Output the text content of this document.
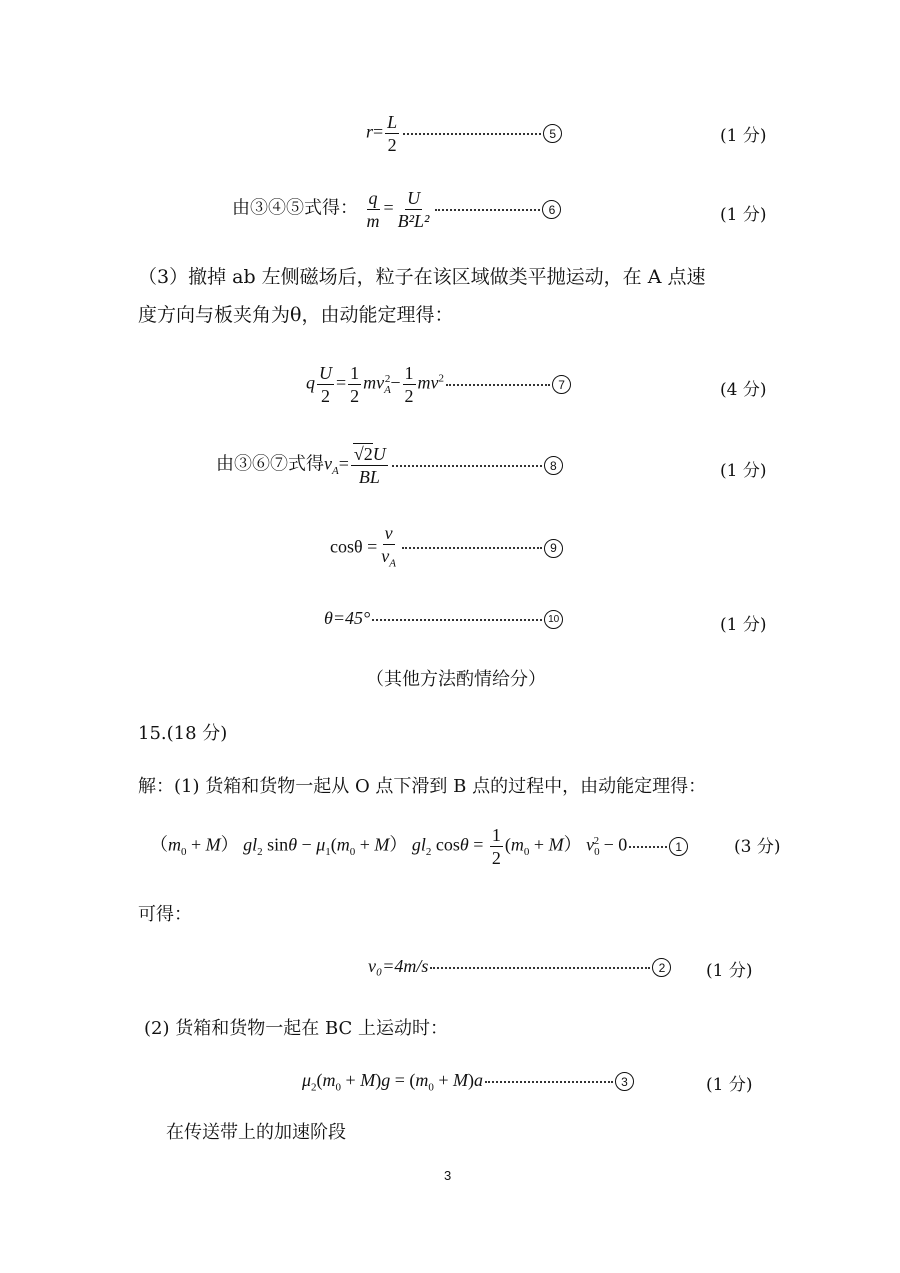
$r= \frac{L}{2}$	5	(1 分)
由③④⑤式得： $\frac{q}{m} = \frac{U}{\text{B²L²}}$	6	(1 分)
（3）撤掉 ab 左侧磁场后，粒子在该区域做类平抛运动，在 A 点速
度方向与板夹角为θ，由动能定理得：
q $\frac{U}{2} = \frac{1}{2} mv_A^2- \frac{1}{2} mv^2$	7	(4 分)
由③⑥⑦式得$v_A= \frac{√2U}{BL}$	8	(1 分)
$\cos\theta = \frac{v}{v_A}$	9
θ=45°	10	(1 分)
（其他方法酌情给分）
15.(18 分)
解：(1) 货箱和货物一起从 O 点下滑到 B 点的过程中，由动能定理得：
$(m_0 + M)$ $gl_2$ $\sin\theta - \mu_1(m_0 + M)$ $gl_2$ $\cos\theta = \frac{1}{2} (m_0 + M)$ $v_0^2 - 0$	1	(3 分)
可得：
v₀=4m/s	2	(1 分)
(2) 货箱和货物一起在 BC 上运动时：
$\mu_2(m_0 + M)g = (m_0 + M)a$	3	(1 分)
在传送带上的加速阶段
3
